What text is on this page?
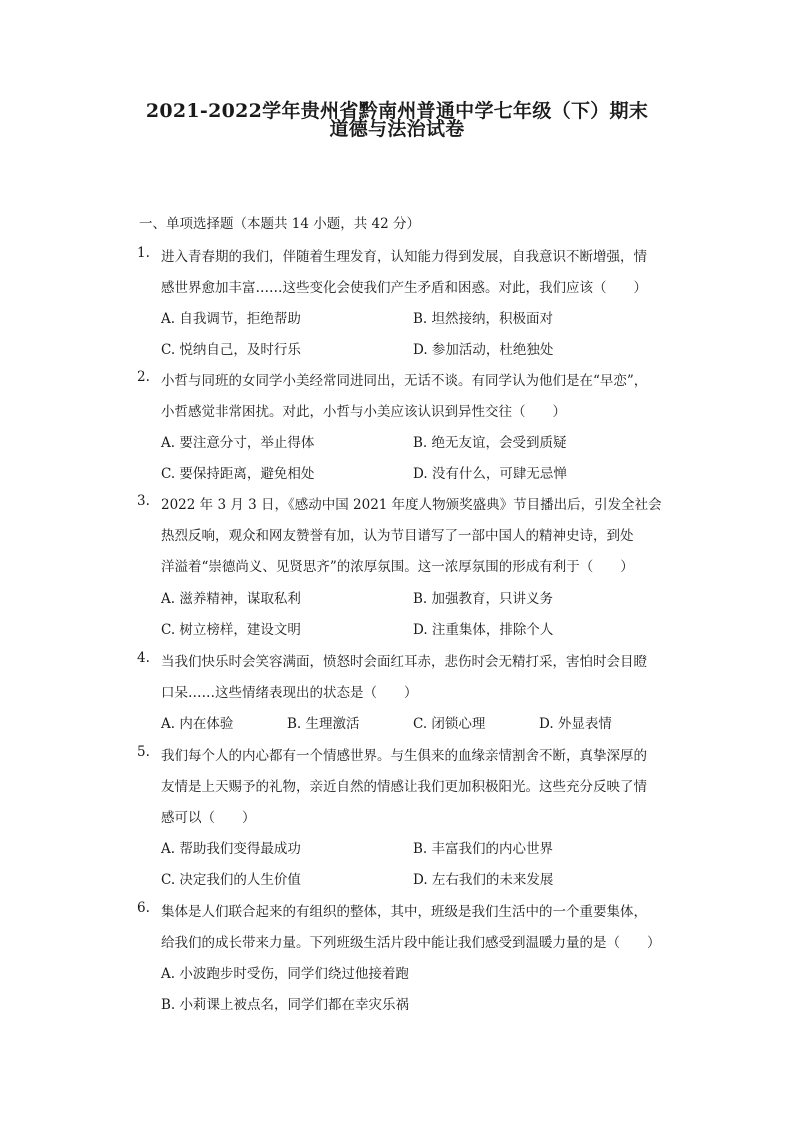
2021-2022学年贵州省黔南州普通中学七年级（下）期末
道德与法治试卷
一、单项选择题（本题共 14 小题，共 42 分）
1. 进入青春期的我们，伴随着生理发育，认知能力得到发展，自我意识不断增强，情
感世界愈加丰富……这些变化会使我们产生矛盾和困惑。对此，我们应该（　　）
A. 自我调节，拒绝帮助	B. 坦然接纳，积极面对
C. 悦纳自己，及时行乐	D. 参加活动，杜绝独处
2. 小哲与同班的女同学小美经常同进同出，无话不谈。有同学认为他们是在“早恋”，
小哲感觉非常困扰。对此，小哲与小美应该认识到异性交往（　　）
A. 要注意分寸，举止得体	B. 绝无友谊，会受到质疑
C. 要保持距离，避免相处	D. 没有什么，可肆无忌惮
3. 2022 年 3 月 3 日，《感动中国 2021 年度人物颁奖盛典》节目播出后，引发全社会
热烈反响，观众和网友赞誉有加，认为节目谱写了一部中国人的精神史诗，到处
洋溢着“崇德尚义、见贤思齐”的浓厚氛围。这一浓厚氛围的形成有利于（　　）
A. 滋养精神，谋取私利	B. 加强教育，只讲义务
C. 树立榜样，建设文明	D. 注重集体，排除个人
4. 当我们快乐时会笑容满面，愤怒时会面红耳赤，悲伤时会无精打采，害怕时会目瞪
口呆……这些情绪表现出的状态是（　　）
A. 内在体验	B. 生理激活	C. 闭锁心理	D. 外显表情
5. 我们每个人的内心都有一个情感世界。与生俱来的血缘亲情割舍不断，真挚深厚的
友情是上天赐予的礼物，亲近自然的情感让我们更加积极阳光。这些充分反映了情
感可以（　　）
A. 帮助我们变得最成功	B. 丰富我们的内心世界
C. 决定我们的人生价值	D. 左右我们的未来发展
6. 集体是人们联合起来的有组织的整体，其中，班级是我们生活中的一个重要集体，
给我们的成长带来力量。下列班级生活片段中能让我们感受到温暖力量的是（　　）
A. 小波跑步时受伤，同学们绕过他接着跑
B. 小莉课上被点名，同学们都在幸灾乐祸
